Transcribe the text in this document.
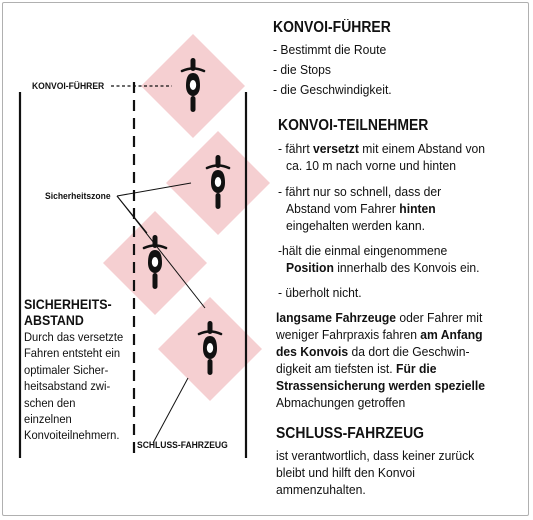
KONVOI-FÜHRER
Sicherheitszone
SCHLUSS-FAHRZEUG
SICHERHEITS-
ABSTAND
Durch das versetzte
Fahren entsteht ein
optimaler Sicher-
heitsabstand zwi-
schen den
einzelnen
Konvoiteilnehmern.
KONVOI-FÜHRER
- Bestimmt die Route
- die Stops
- die Geschwindigkeit.
KONVOI-TEILNEHMER
- fährt versetzt mit einem Abstand von
ca. 10 m nach vorne und hinten
- fährt nur so schnell, dass der
Abstand vom Fahrer hinten
eingehalten werden kann.
-hält die einmal eingenommene
Position innerhalb des Konvois ein.
- überholt nicht.
langsame Fahrzeuge oder Fahrer mit
weniger Fahrpraxis fahren am Anfang
des Konvois da dort die Geschwin-
digkeit am tiefsten ist. Für die
Strassensicherung werden spezielle
Abmachungen getroffen
SCHLUSS-FAHRZEUG
ist verantwortlich, dass keiner zurück
bleibt und hilft den Konvoi
ammenzuhalten.
